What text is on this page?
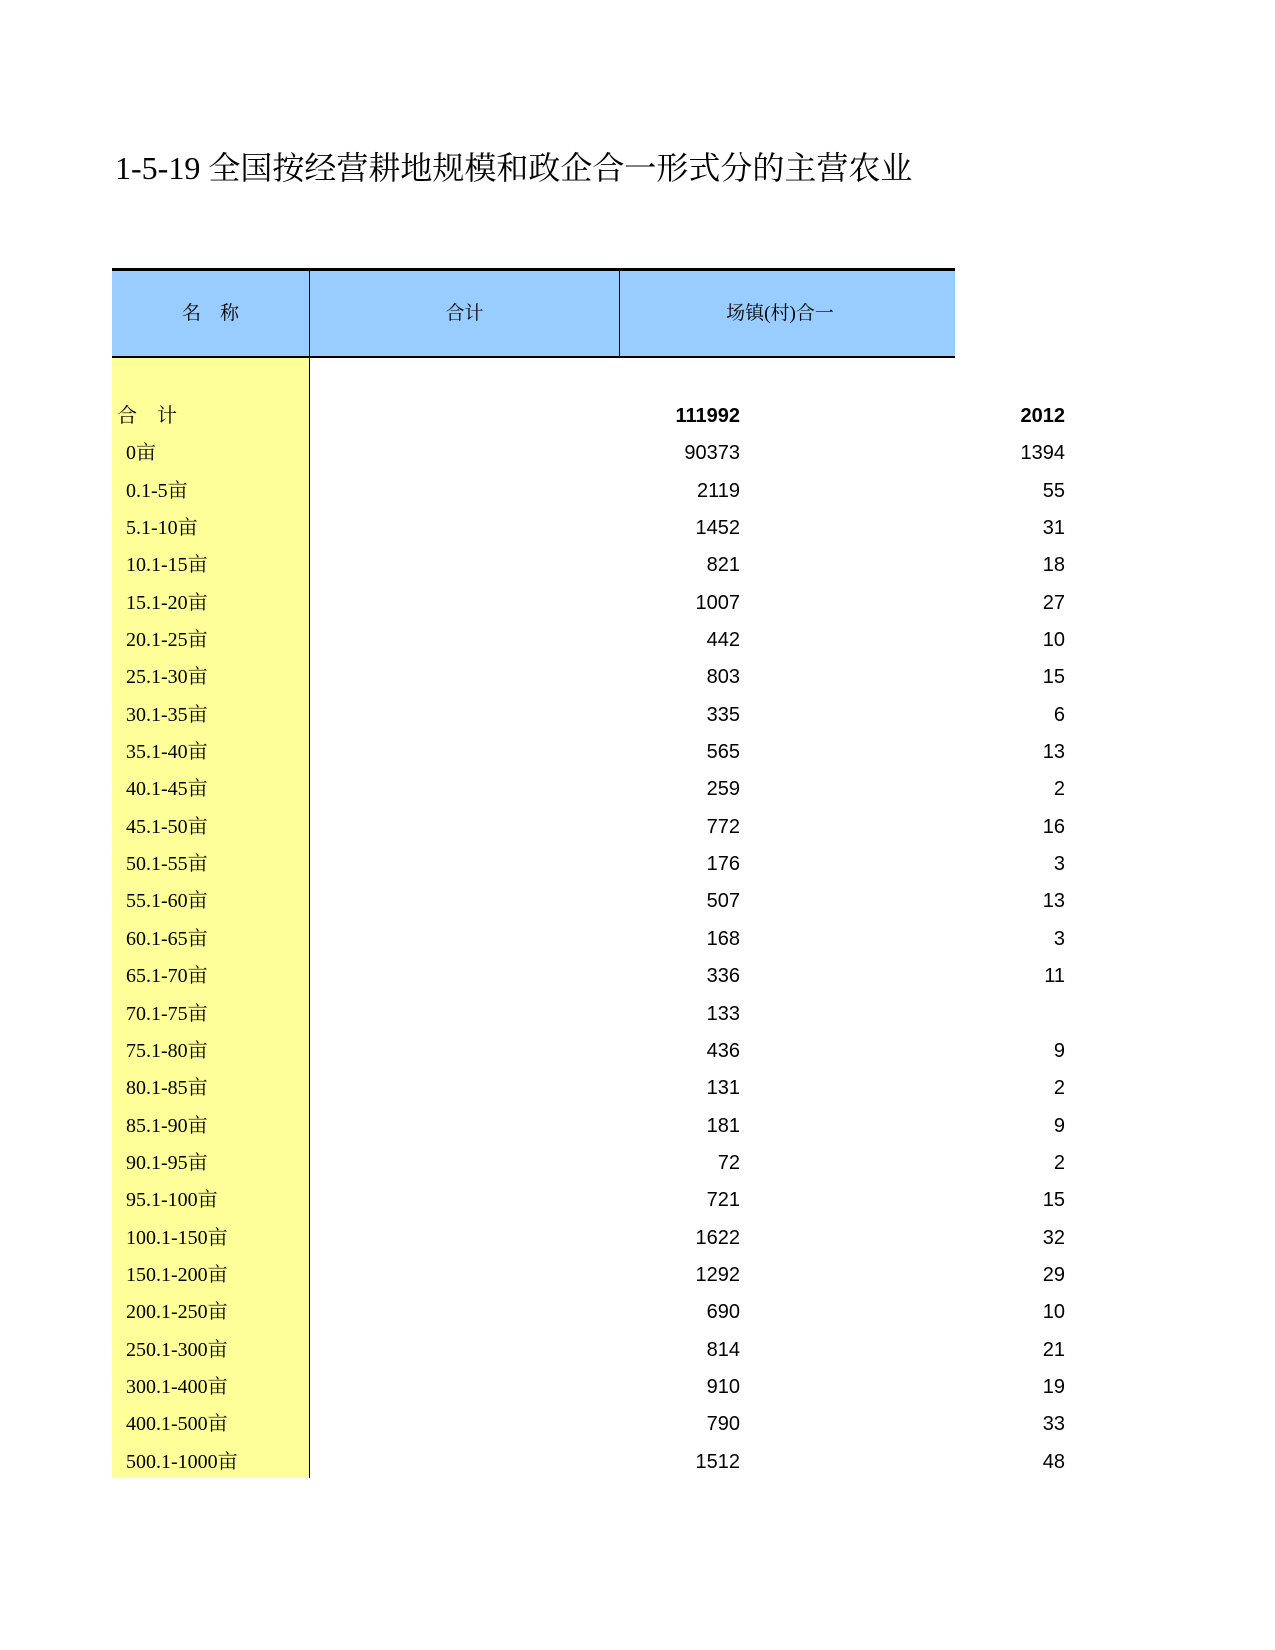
1-5-19 全国按经营耕地规模和政企合一形式分的主营农业
名　称	合计	场镇(村)合一
合　计	111992	2012
0亩	90373	1394
0.1-5亩	2119	55
5.1-10亩	1452	31
10.1-15亩	821	18
15.1-20亩	1007	27
20.1-25亩	442	10
25.1-30亩	803	15
30.1-35亩	335	6
35.1-40亩	565	13
40.1-45亩	259	2
45.1-50亩	772	16
50.1-55亩	176	3
55.1-60亩	507	13
60.1-65亩	168	3
65.1-70亩	336	11
70.1-75亩	133
75.1-80亩	436	9
80.1-85亩	131	2
85.1-90亩	181	9
90.1-95亩	72	2
95.1-100亩	721	15
100.1-150亩	1622	32
150.1-200亩	1292	29
200.1-250亩	690	10
250.1-300亩	814	21
300.1-400亩	910	19
400.1-500亩	790	33
500.1-1000亩	1512	48
